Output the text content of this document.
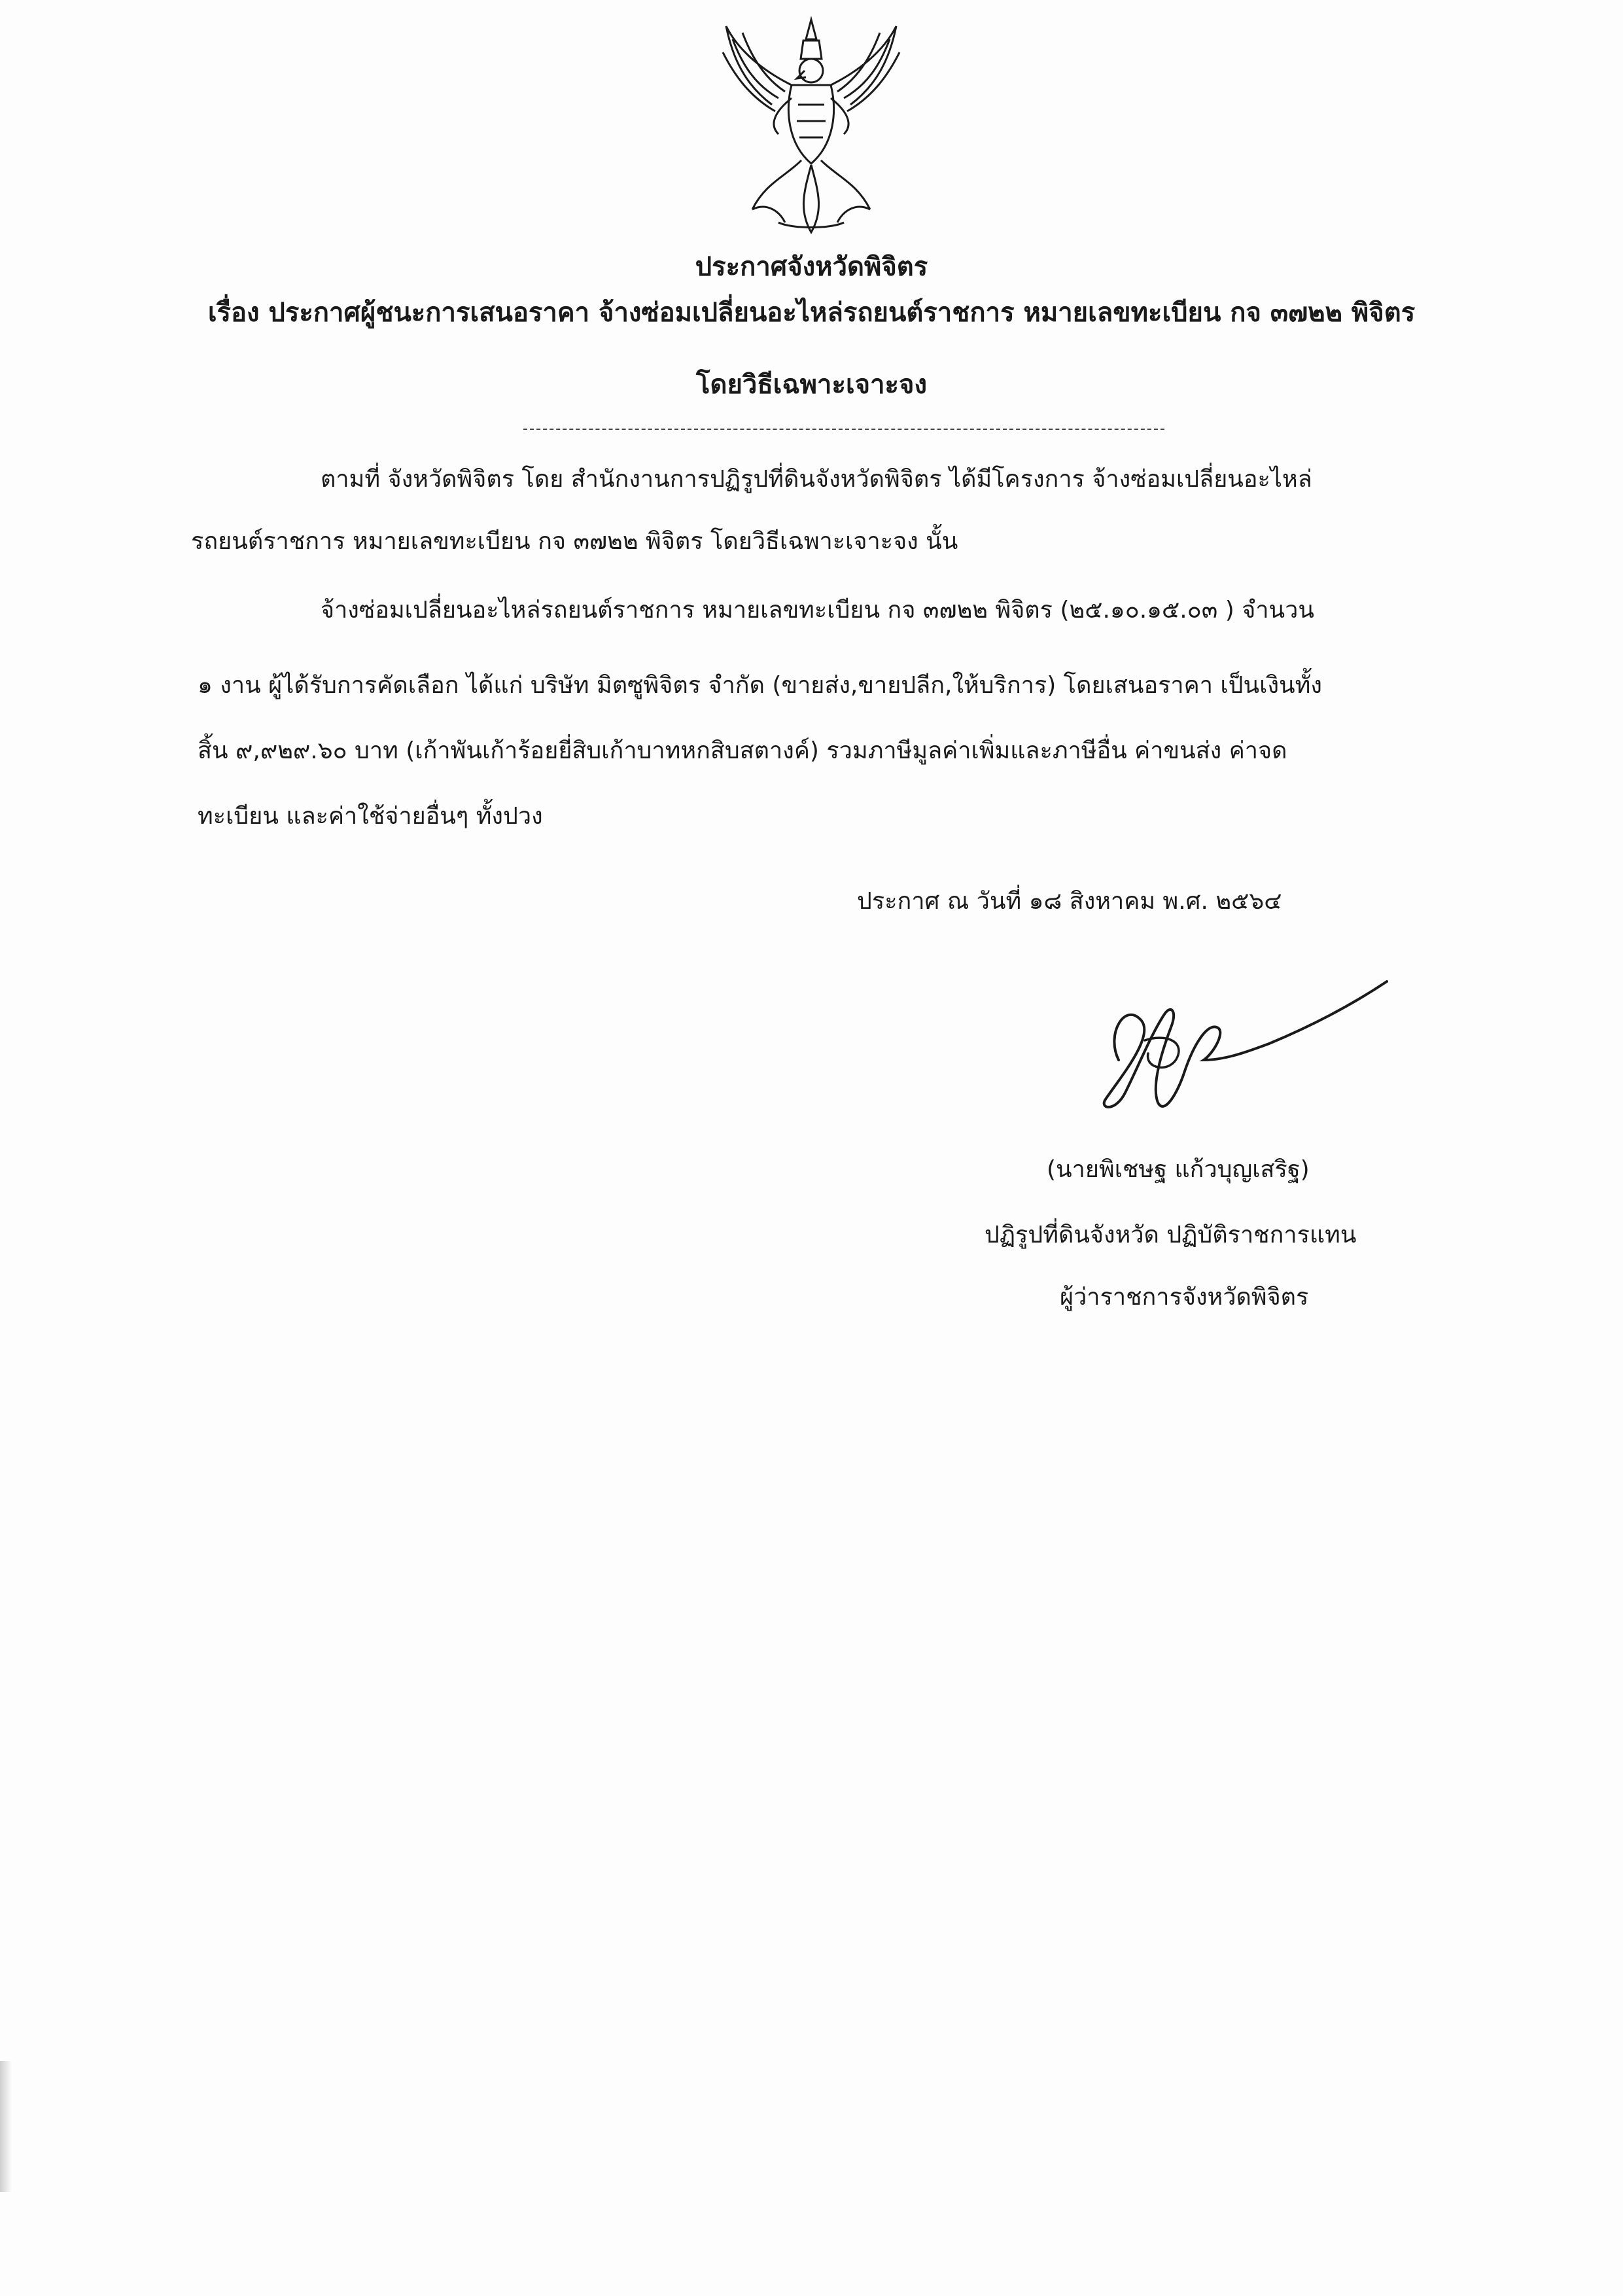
ประกาศจังหวัดพิจิตร
เรื่อง ประกาศผู้ชนะการเสนอราคา จ้างซ่อมเปลี่ยนอะไหล่รถยนต์ราชการ หมายเลขทะเบียน กจ ๓๗๒๒ พิจิตร
โดยวิธีเฉพาะเจาะจง
ตามที่ จังหวัดพิจิตร โดย สำนักงานการปฏิรูปที่ดินจังหวัดพิจิตร ได้มีโครงการ จ้างซ่อมเปลี่ยนอะไหล่
รถยนต์ราชการ หมายเลขทะเบียน กจ ๓๗๒๒ พิจิตร โดยวิธีเฉพาะเจาะจง นั้น
จ้างซ่อมเปลี่ยนอะไหล่รถยนต์ราชการ หมายเลขทะเบียน กจ ๓๗๒๒ พิจิตร (๒๕.๑๐.๑๕.๐๓ ) จำนวน
๑ งาน ผู้ได้รับการคัดเลือก ได้แก่ บริษัท มิตซูพิจิตร จำกัด (ขายส่ง,ขายปลีก,ให้บริการ) โดยเสนอราคา เป็นเงินทั้ง
สิ้น ๙,๙๒๙.๖๐ บาท (เก้าพันเก้าร้อยยี่สิบเก้าบาทหกสิบสตางค์) รวมภาษีมูลค่าเพิ่มและภาษีอื่น ค่าขนส่ง ค่าจด
ทะเบียน และค่าใช้จ่ายอื่นๆ ทั้งปวง
ประกาศ ณ วันที่ ๑๘ สิงหาคม พ.ศ. ๒๕๖๔
(นายพิเชษฐ แก้วบุญเสริฐ)
ปฏิรูปที่ดินจังหวัด ปฏิบัติราชการแทน
ผู้ว่าราชการจังหวัดพิจิตร
